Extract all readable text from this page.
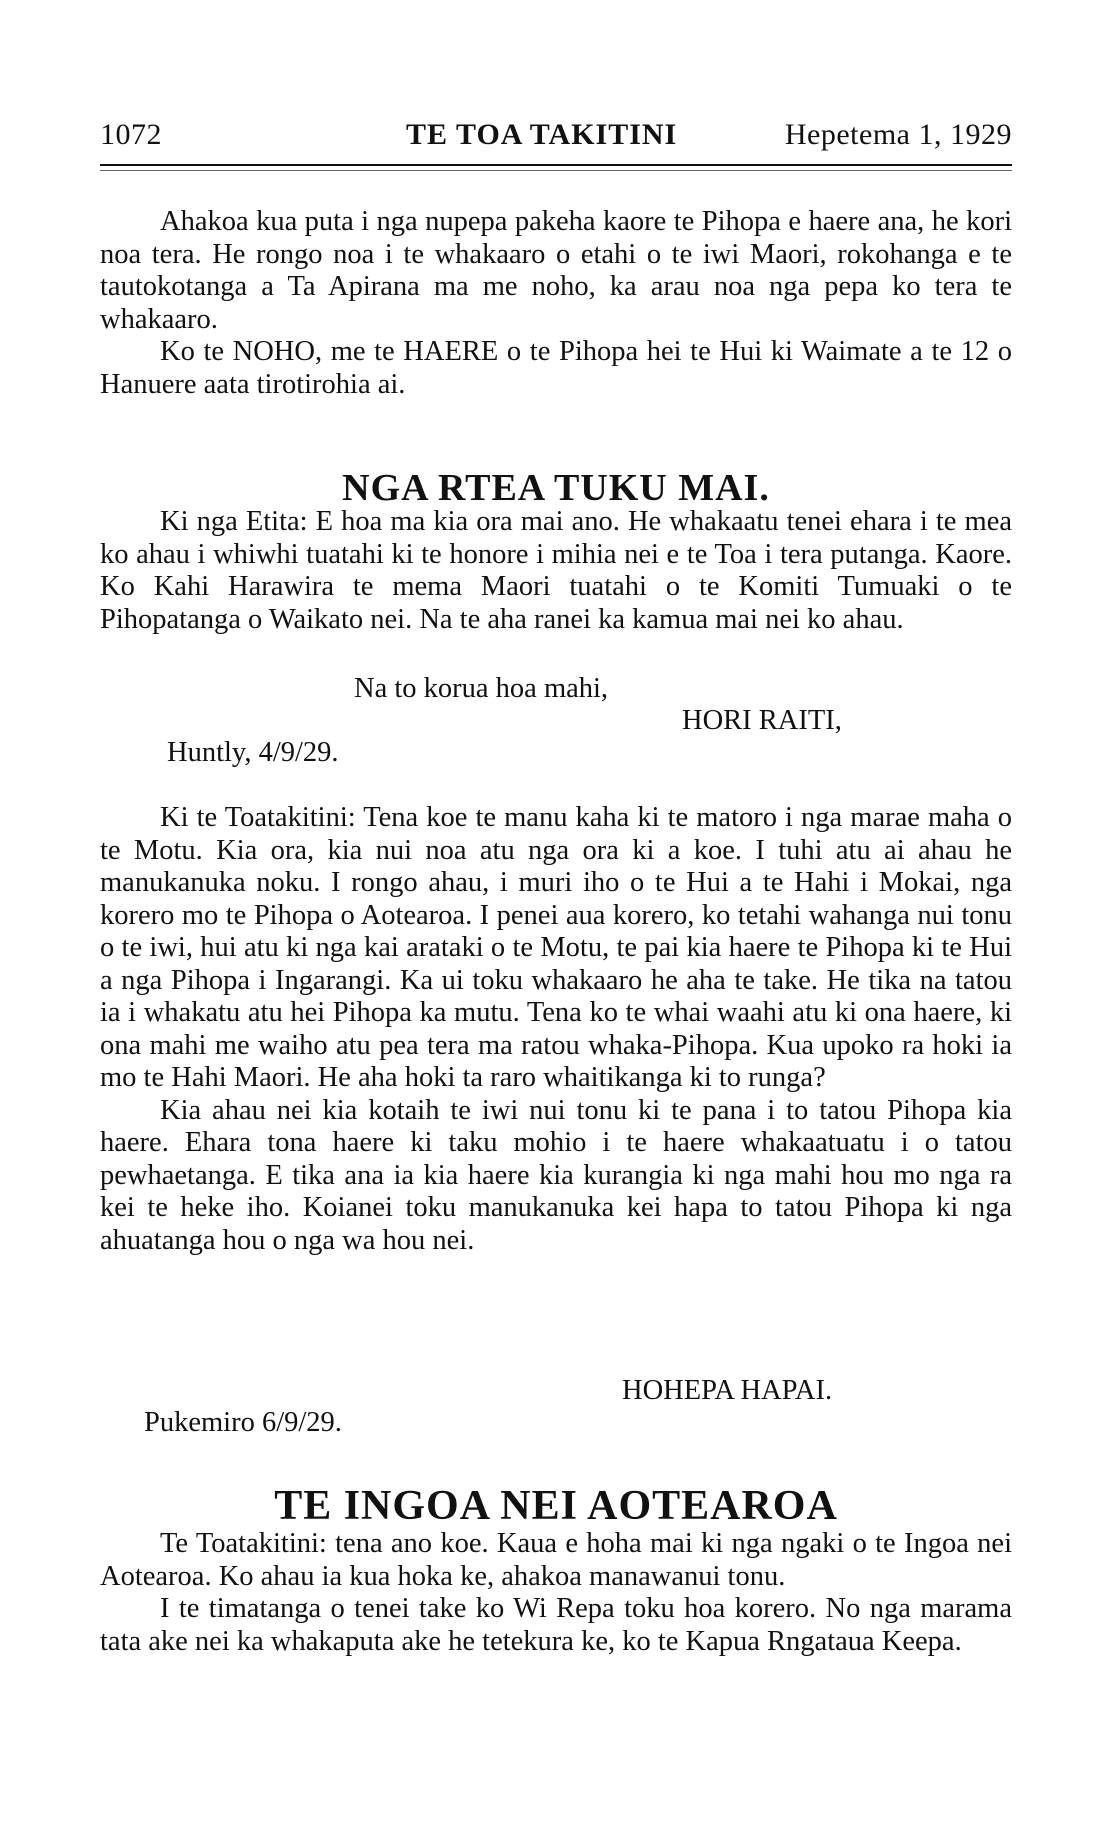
1072	TE TOA TAKITINI	Hepetema 1, 1929

Ahakoa kua puta i nga nupepa pakeha kaore te Pihopa e haere ana, he kori noa tera. He rongo noa i te whakaaro o etahi o te iwi Maori, rokohanga e te tautokotanga a Ta Apirana ma me noho, ka arau noa nga pepa ko tera te whakaaro.

Ko te NOHO, me te HAERE o te Pihopa hei te Hui ki Waimate a te 12 o Hanuere aata tirotirohia ai.

NGA RTEA TUKU MAI.

Ki nga Etita: E hoa ma kia ora mai ano. He whakaatu tenei ehara i te mea ko ahau i whiwhi tuatahi ki te honore i mihia nei e te Toa i tera putanga. Kaore. Ko Kahi Harawira te mema Maori tuatahi o te Komiti Tumuaki o te Pihopatanga o Waikato nei. Na te aha ranei ka kamua mai nei ko ahau.

Na to korua hoa mahi,
HORI RAITI,
Huntly, 4/9/29.

Ki te Toatakitini: Tena koe te manu kaha ki te matoro i nga marae maha o te Motu. Kia ora, kia nui noa atu nga ora ki a koe. I tuhi atu ai ahau he manukanuka noku. I rongo ahau, i muri iho o te Hui a te Hahi i Mokai, nga korero mo te Pihopa o Aotearoa. I penei aua korero, ko tetahi wahanga nui tonu o te iwi, hui atu ki nga kai arataki o te Motu, te pai kia haere te Pihopa ki te Hui a nga Pihopa i Ingarangi. Ka ui toku whakaaro he aha te take. He tika na tatou ia i whakatu atu hei Pihopa ka mutu. Tena ko te whai waahi atu ki ona haere, ki ona mahi me waiho atu pea tera ma ratou whaka-Pihopa. Kua upoko ra hoki ia mo te Hahi Maori. He aha hoki ta raro whaitikanga ki to runga?

Kia ahau nei kia kotaih te iwi nui tonu ki te pana i to tatou Pihopa kia haere. Ehara tona haere ki taku mohio i te haere whakaatuatu i o tatou pewhaetanga. E tika ana ia kia haere kia kurangia ki nga mahi hou mo nga ra kei te heke iho. Koianei toku manukanuka kei hapa to tatou Pihopa ki nga ahuatanga hou o nga wa hou nei.

HOHEPA HAPAI.
Pukemiro 6/9/29.
TE INGOA NEI AOTEAROA

Te Toatakitini: tena ano koe. Kaua e hoha mai ki nga ngaki o te Ingoa nei Aotearoa. Ko ahau ia kua hoka ke, ahakoa manawanui tonu.

I te timatanga o tenei take ko Wi Repa toku hoa korero. No nga marama tata ake nei ka whakaputa ake he tetekura ke, ko te Kapua Rngataua Keepa.
